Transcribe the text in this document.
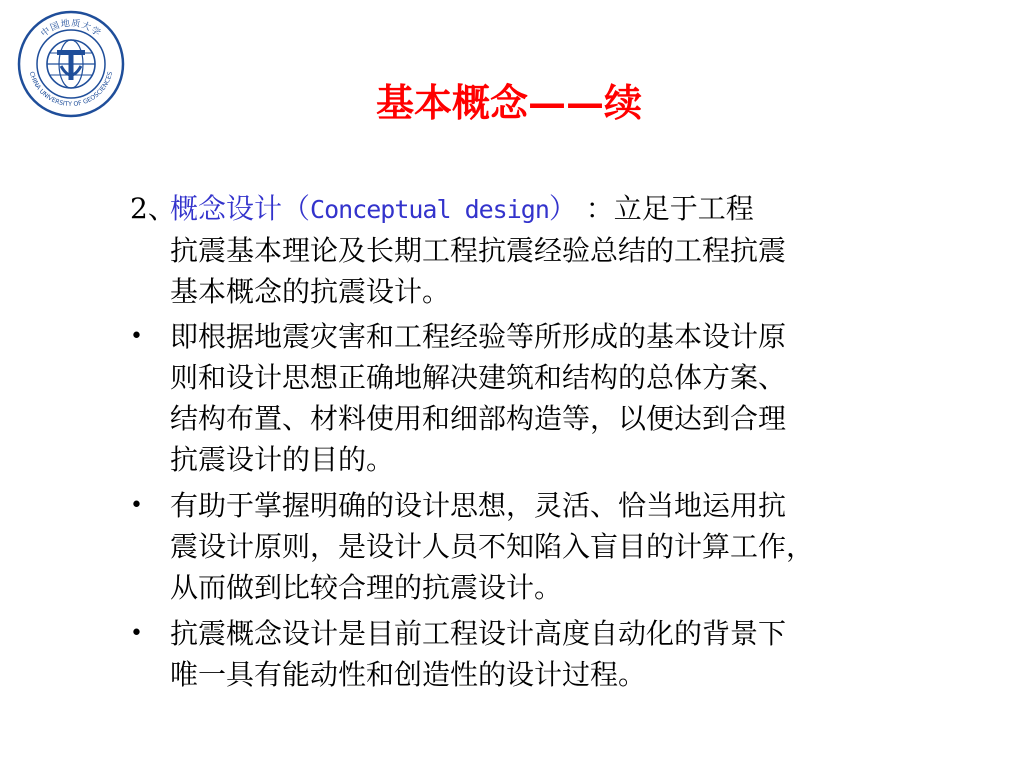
中国地质大学
CHINA UNIVERSITY OF GEOSCIENCES
基本概念——续
2、
概念设计（Conceptual design） ：立足于工程
抗震基本理论及长期工程抗震经验总结的工程抗震
基本概念的抗震设计。
• 即根据地震灾害和工程经验等所形成的基本设计原
则和设计思想正确地解决建筑和结构的总体方案、
结构布置、材料使用和细部构造等，以便达到合理
抗震设计的目的。
• 有助于掌握明确的设计思想，灵活、恰当地运用抗
震设计原则，是设计人员不知陷入盲目的计算工作，
从而做到比较合理的抗震设计。
• 抗震概念设计是目前工程设计高度自动化的背景下
唯一具有能动性和创造性的设计过程。
